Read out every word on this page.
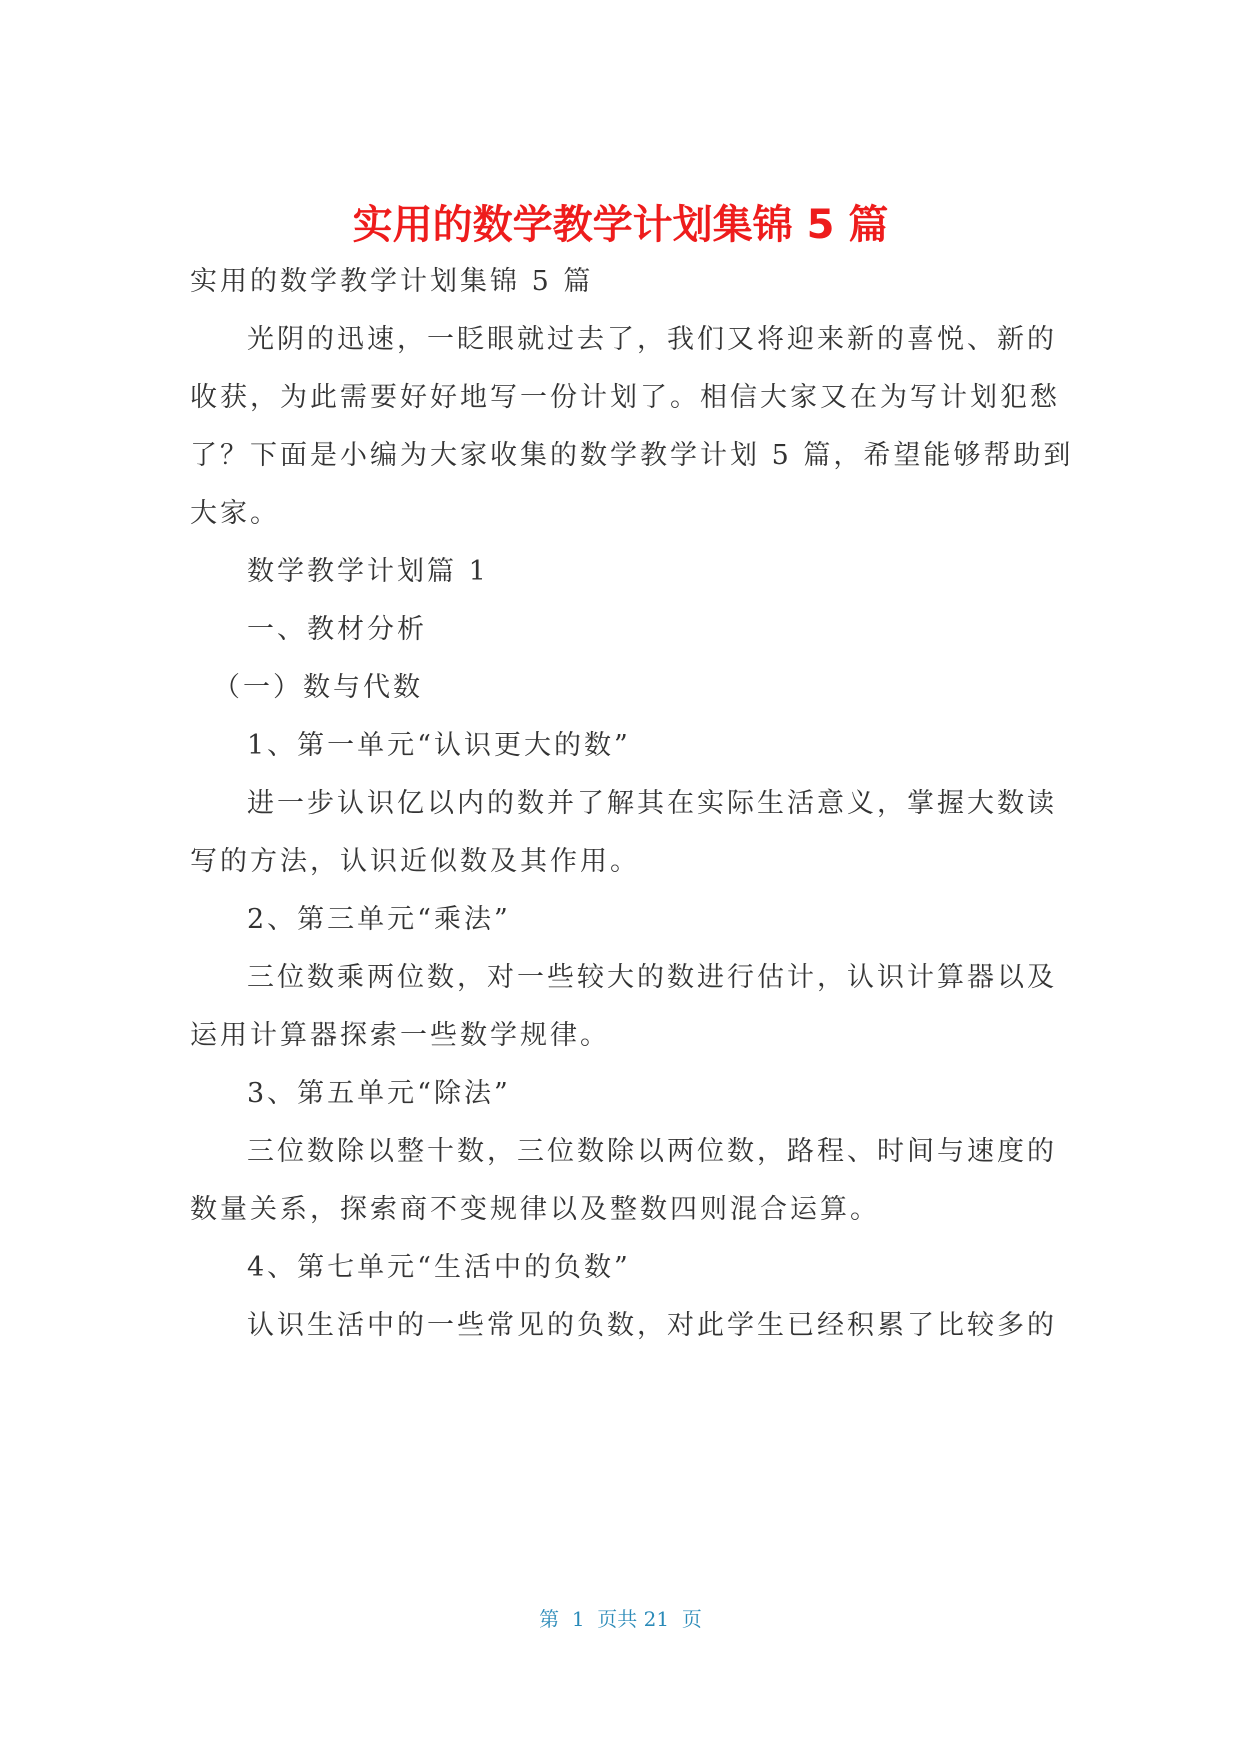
实用的数学教学计划集锦 5 篇

实用的数学教学计划集锦 5 篇

光阴的迅速，一眨眼就过去了，我们又将迎来新的喜悦、新的

收获，为此需要好好地写一份计划了。相信大家又在为写计划犯愁

了？下面是小编为大家收集的数学教学计划 5 篇，希望能够帮助到

大家。

数学教学计划篇 1

一、教材分析

（一）数与代数

1、第一单元“认识更大的数”

进一步认识亿以内的数并了解其在实际生活意义，掌握大数读

写的方法，认识近似数及其作用。

2、第三单元“乘法”

三位数乘两位数，对一些较大的数进行估计，认识计算器以及

运用计算器探索一些数学规律。

3、第五单元“除法”

三位数除以整十数，三位数除以两位数，路程、时间与速度的

数量关系，探索商不变规律以及整数四则混合运算。

4、第七单元“生活中的负数”

认识生活中的一些常见的负数，对此学生已经积累了比较多的

第  1  页共 21  页
